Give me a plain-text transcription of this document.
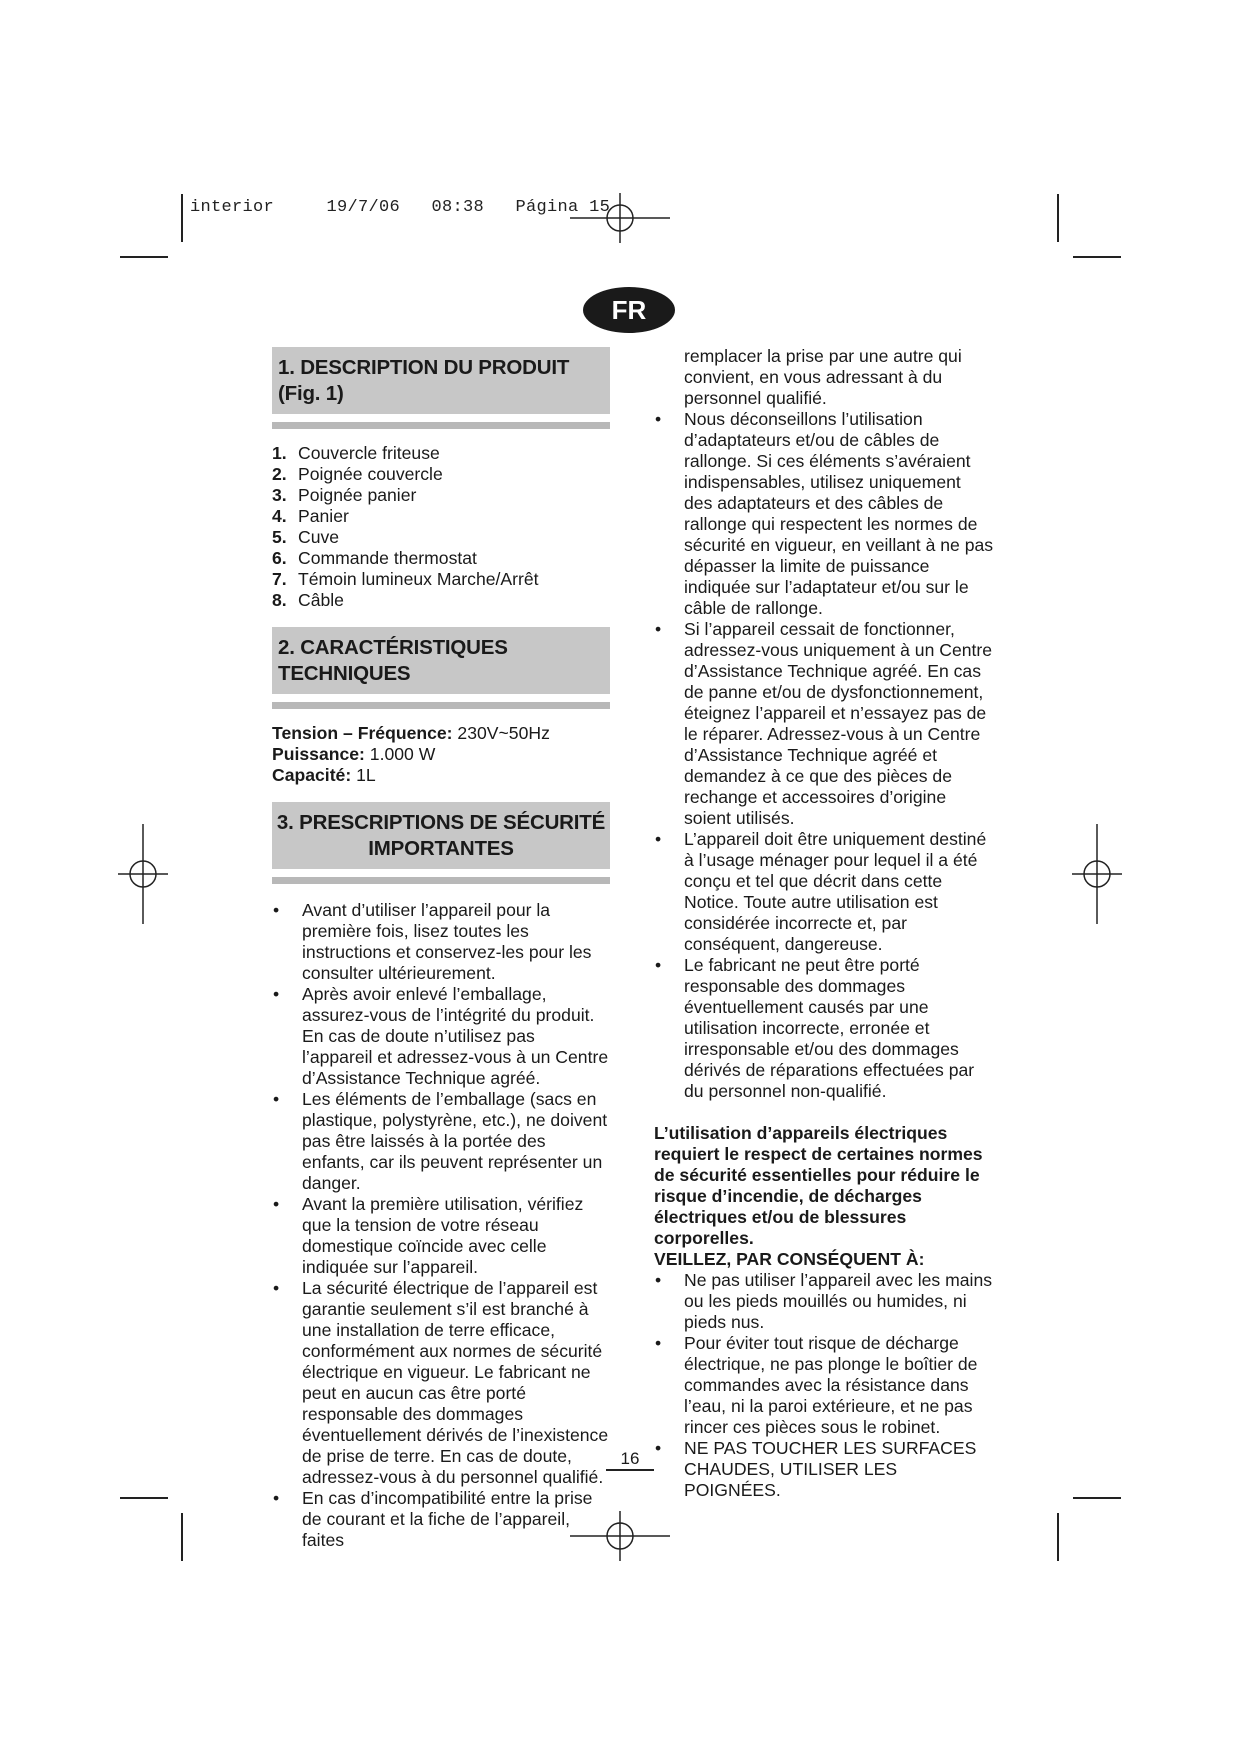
interior     19/7/06   08:38   Página 15
FR
1. DESCRIPTION DU PRODUIT (Fig. 1)
1. Couvercle friteuse
2. Poignée couvercle
3. Poignée panier
4. Panier
5. Cuve
6. Commande thermostat
7. Témoin lumineux Marche/Arrêt
8. Câble
2. CARACTÉRISTIQUES TECHNIQUES
Tension – Fréquence: 230V~50Hz
Puissance: 1.000 W
Capacité: 1L
3. PRESCRIPTIONS DE SÉCURITÉ
IMPORTANTES
• Avant d’utiliser l’appareil pour la première fois, lisez toutes les instructions et conservez-les pour les consulter ultérieurement.
• Après avoir enlevé l’emballage, assurez-vous de l’intégrité du produit. En cas de doute n’utilisez pas l’appareil et adressez-vous à un Centre d’Assistance Technique agréé.
• Les éléments de l’emballage (sacs en plastique, polystyrène, etc.), ne doivent pas être laissés à la portée des enfants, car ils peuvent représenter un danger.
• Avant la première utilisation, vérifiez que la tension de votre réseau domestique coïncide avec celle indiquée sur l’appareil.
• La sécurité électrique de l’appareil est garantie seulement s’il est branché à une installation de terre efficace, conformément aux normes de sécurité électrique en vigueur. Le fabricant ne peut en aucun cas être porté responsable des dommages éventuellement dérivés de l’inexistence de prise de terre. En cas de doute, adressez-vous à du personnel qualifié.
• En cas d’incompatibilité entre la prise de courant et la fiche de l’appareil, faites
remplacer la prise par une autre qui convient, en vous adressant à du personnel qualifié.
• Nous déconseillons l’utilisation d’adaptateurs et/ou de câbles de rallonge. Si ces éléments s’avéraient indispensables, utilisez uniquement des adaptateurs et des câbles de rallonge qui respectent les normes de sécurité en vigueur, en veillant à ne pas dépasser la limite de puissance indiquée sur l’adaptateur et/ou sur le câble de rallonge.
• Si l’appareil cessait de fonctionner, adressez-vous uniquement à un Centre d’Assistance Technique agréé. En cas de panne et/ou de dysfonctionnement, éteignez l’appareil et n’essayez pas de le réparer. Adressez-vous à un Centre d’Assistance Technique agréé et demandez à ce que des pièces de rechange et accessoires d’origine soient utilisés.
• L’appareil doit être uniquement destiné à l’usage ménager pour lequel il a été conçu et tel que décrit dans cette Notice. Toute autre utilisation est considérée incorrecte et, par conséquent, dangereuse.
• Le fabricant ne peut être porté responsable des dommages éventuellement causés par une utilisation incorrecte, erronée et irresponsable et/ou des dommages dérivés de réparations effectuées par du personnel non-qualifié.
L’utilisation d’appareils électriques requiert le respect de certaines normes de sécurité essentielles pour réduire le risque d’incendie, de décharges électriques et/ou de blessures corporelles.
VEILLEZ, PAR CONSÉQUENT À:
• Ne pas utiliser l’appareil avec les mains ou les pieds mouillés ou humides, ni pieds nus.
• Pour éviter tout risque de décharge électrique, ne pas plonge le boîtier de commandes avec la résistance dans l’eau, ni la paroi extérieure, et ne pas rincer ces pièces sous le robinet.
• NE PAS TOUCHER LES SURFACES CHAUDES, UTILISER LES POIGNÉES.
16
